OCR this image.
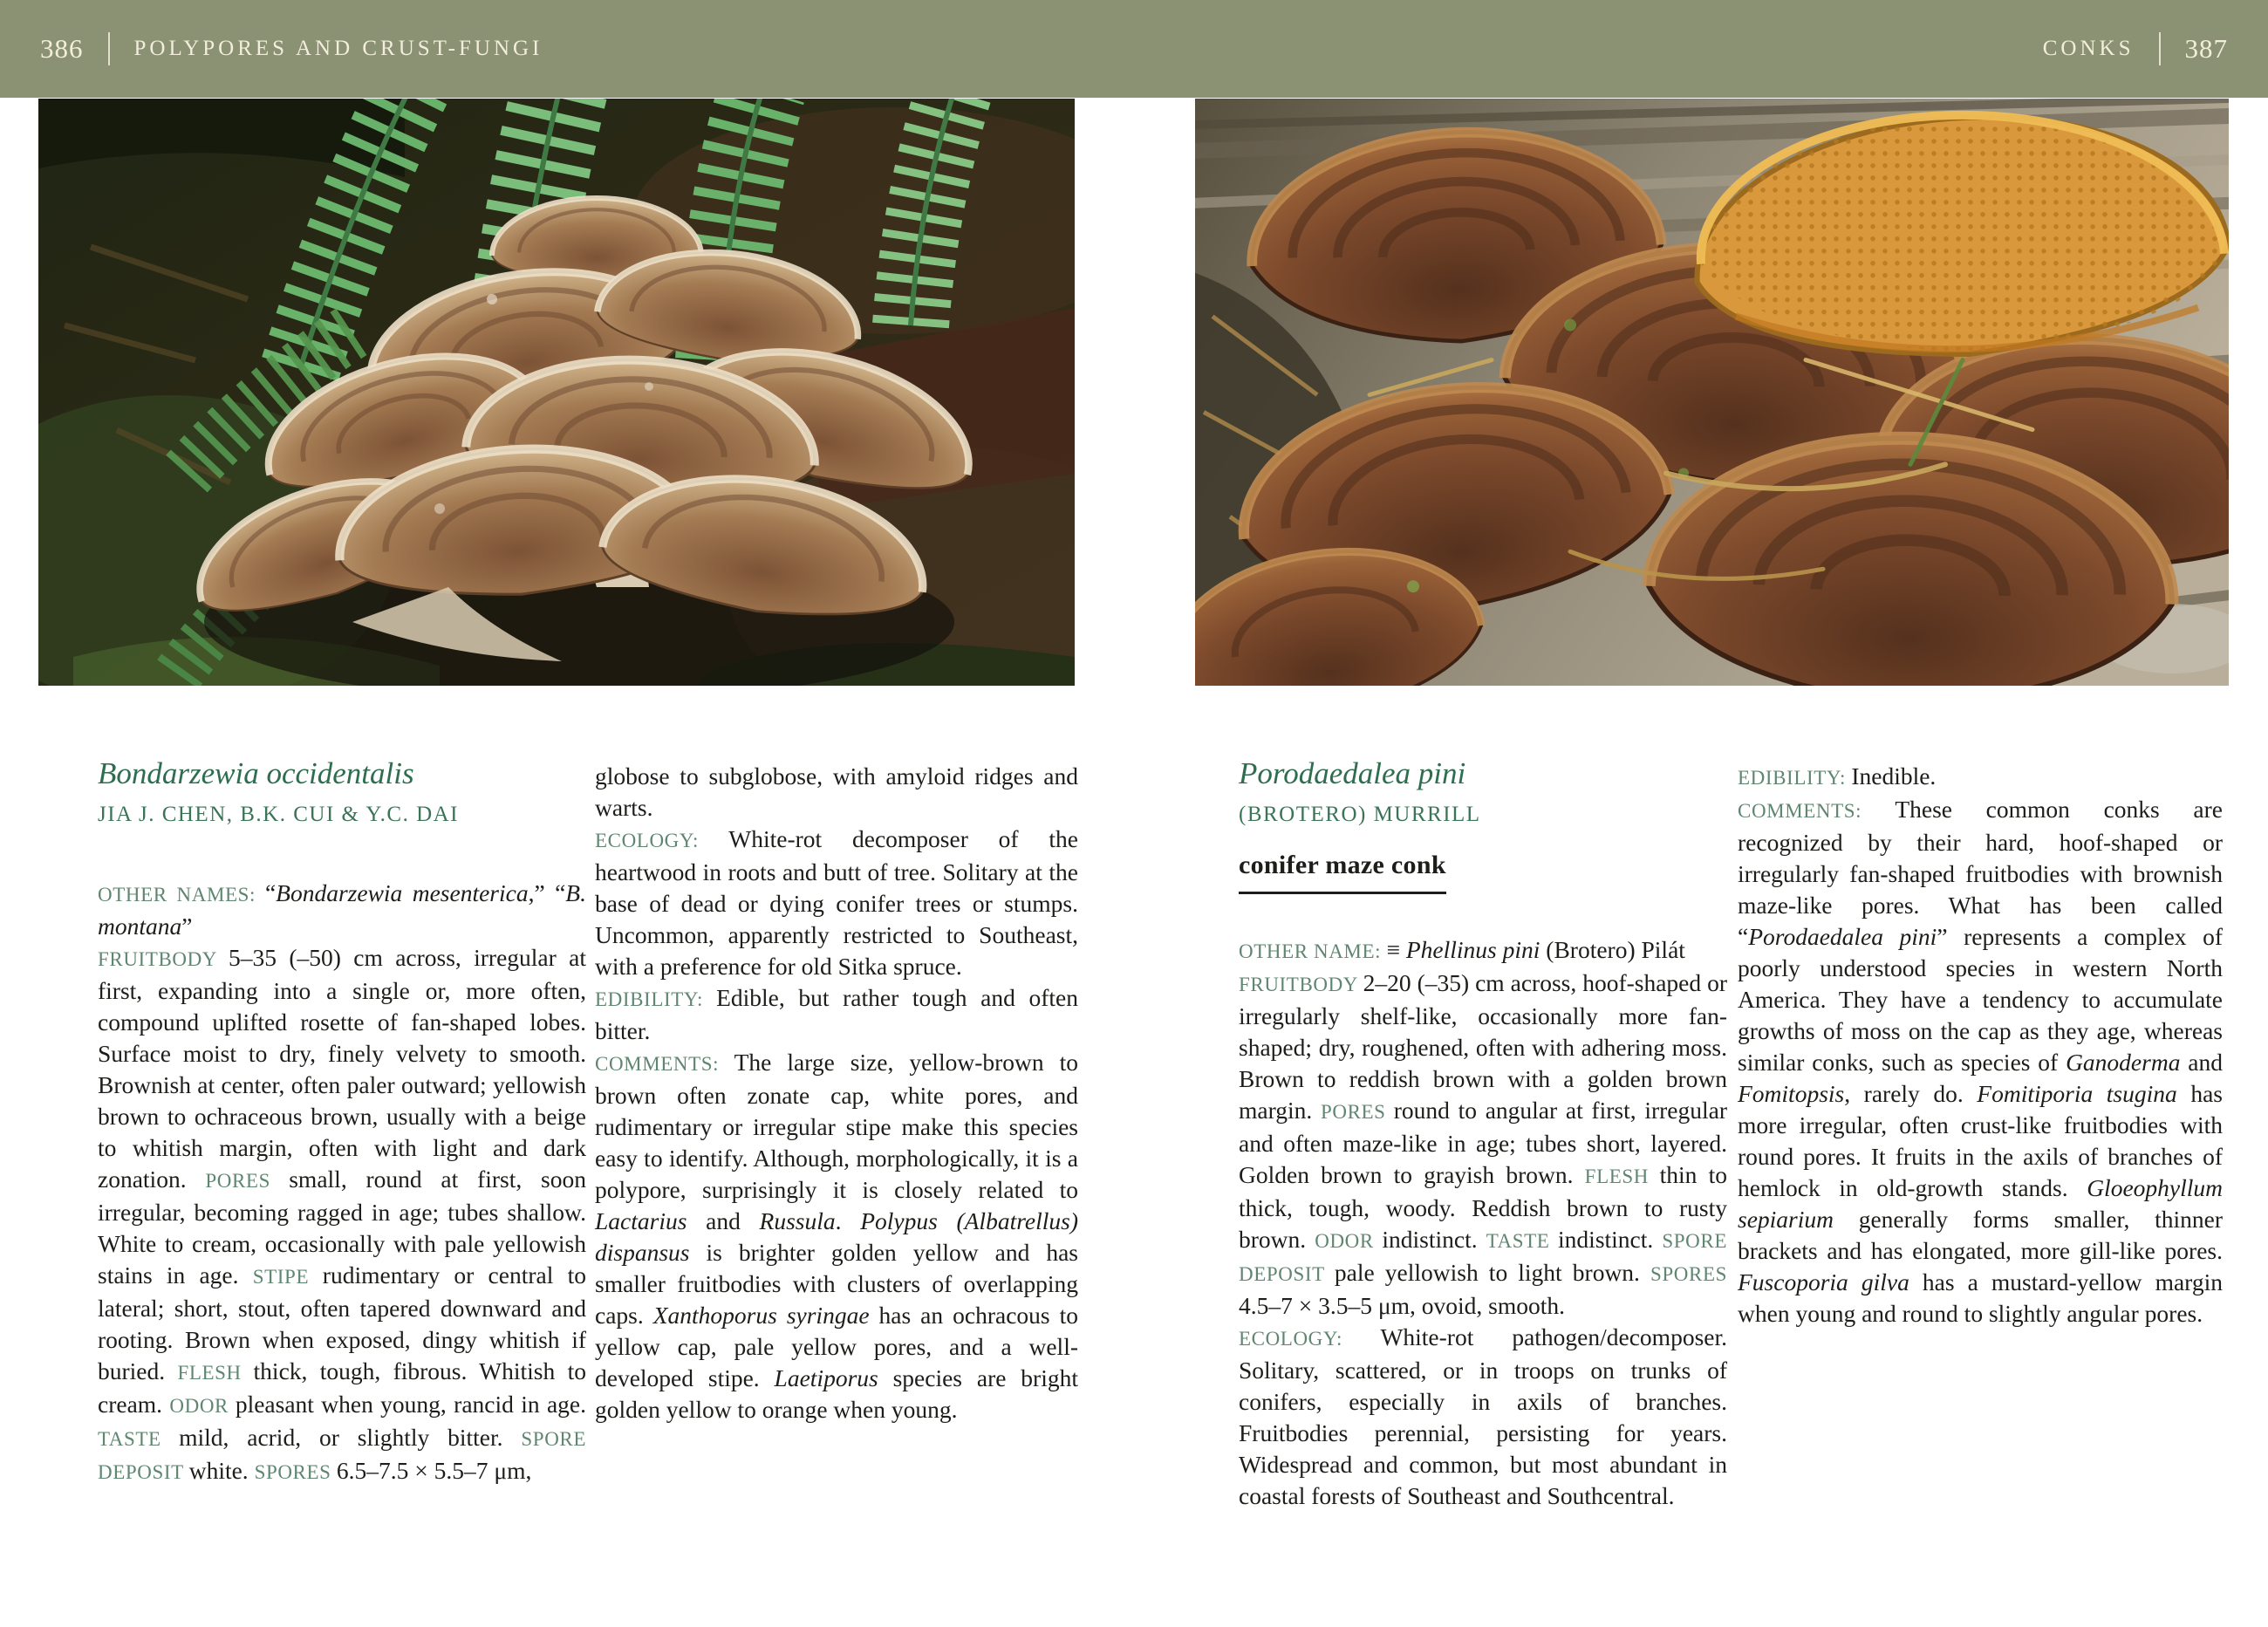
386 POLYPORES AND CRUST-FUNGI	CONKS 387
Bondarzewia occidentalis
JIA J. CHEN, B.K. CUI & Y.C. DAI

OTHER NAMES: “Bondarzewia mesenterica,” “B. montana”

FRUITBODY 5–35 (–50) cm across, irregular at first, expanding into a single or, more often, compound uplifted rosette of fan-shaped lobes. Surface moist to dry, finely velvety to smooth. Brownish at center, often paler outward; yellowish brown to ochraceous brown, usually with a beige to whitish margin, often with light and dark zonation. PORES small, round at first, soon irregular, becoming ragged in age; tubes shallow. White to cream, occasionally with pale yellowish stains in age. STIPE rudimentary or central to lateral; short, stout, often tapered downward and rooting. Brown when exposed, dingy whitish if buried. FLESH thick, tough, fibrous. Whitish to cream. ODOR pleasant when young, rancid in age. TASTE mild, acrid, or slightly bitter. SPORE DEPOSIT white. SPORES 6.5–7.5 × 5.5–7 μm,

globose to subglobose, with amyloid ridges and warts.

ECOLOGY: White-rot decomposer of the heartwood in roots and butt of tree. Solitary at the base of dead or dying conifer trees or stumps. Uncommon, apparently restricted to Southeast, with a preference for old Sitka spruce.

EDIBILITY: Edible, but rather tough and often bitter.

COMMENTS: The large size, yellow-brown to brown often zonate cap, white pores, and rudimentary or irregular stipe make this species easy to identify. Although, morphologically, it is a polypore, surprisingly it is closely related to Lactarius and Russula. Polypus (Albatrellus) dispansus is brighter golden yellow and has smaller fruitbodies with clusters of overlapping caps. Xanthoporus syringae has an ochracous to yellow cap, pale yellow pores, and a well-developed stipe. Laetiporus species are bright golden yellow to orange when young.

Porodaedalea pini
(BROTERO) MURRILL
conifer maze conk

OTHER NAME: ≡ Phellinus pini (Brotero) Pilát

FRUITBODY 2–20 (–35) cm across, hoof-shaped or irregularly shelf-like, occasionally more fan-shaped; dry, roughened, often with adhering moss. Brown to reddish brown with a golden brown margin. PORES round to angular at first, irregular and often maze-like in age; tubes short, layered. Golden brown to grayish brown. FLESH thin to thick, tough, woody. Reddish brown to rusty brown. ODOR indistinct. TASTE indistinct. SPORE DEPOSIT pale yellowish to light brown. SPORES 4.5–7 × 3.5–5 μm, ovoid, smooth.

ECOLOGY: White-rot pathogen/decomposer. Solitary, scattered, or in troops on trunks of conifers, especially in axils of branches. Fruitbodies perennial, persisting for years. Widespread and common, but most abundant in coastal forests of Southeast and Southcentral.

EDIBILITY: Inedible.

COMMENTS: These common conks are recognized by their hard, hoof-shaped or irregularly fan-shaped fruitbodies with brownish maze-like pores. What has been called “Porodaedalea pini” represents a complex of poorly understood species in western North America. They have a tendency to accumulate growths of moss on the cap as they age, whereas similar conks, such as species of Ganoderma and Fomitopsis, rarely do. Fomitiporia tsugina has more irregular, often crust-like fruitbodies with round pores. It fruits in the axils of branches of hemlock in old-growth stands. Gloeophyllum sepiarium generally forms smaller, thinner brackets and has elongated, more gill-like pores. Fuscoporia gilva has a mustard-yellow margin when young and round to slightly angular pores.
